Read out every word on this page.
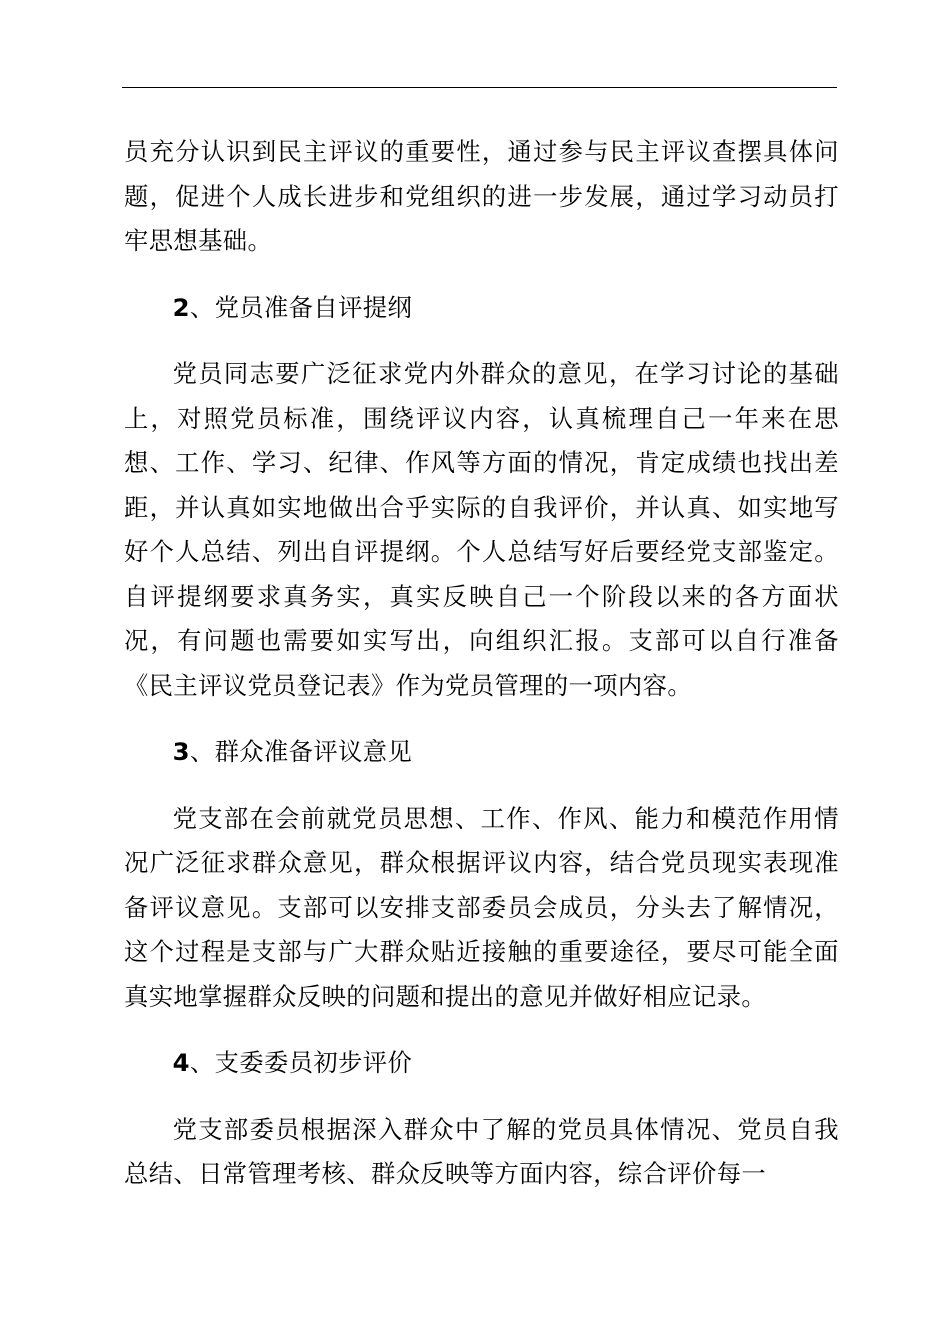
员充分认识到民主评议的重要性，通过参与民主评议查摆具体问题，促进个人成长进步和党组织的进一步发展，通过学习动员打牢思想基础。

2、党员准备自评提纲

党员同志要广泛征求党内外群众的意见，在学习讨论的基础上，对照党员标准，围绕评议内容，认真梳理自己一年来在思想、工作、学习、纪律、作风等方面的情况，肯定成绩也找出差距，并认真如实地做出合乎实际的自我评价，并认真、如实地写好个人总结、列出自评提纲。个人总结写好后要经党支部鉴定。自评提纲要求真务实，真实反映自己一个阶段以来的各方面状况，有问题也需要如实写出，向组织汇报。支部可以自行准备《民主评议党员登记表》作为党员管理的一项内容。

3、群众准备评议意见

党支部在会前就党员思想、工作、作风、能力和模范作用情况广泛征求群众意见，群众根据评议内容，结合党员现实表现准备评议意见。支部可以安排支部委员会成员，分头去了解情况，这个过程是支部与广大群众贴近接触的重要途径，要尽可能全面真实地掌握群众反映的问题和提出的意见并做好相应记录。

4、支委委员初步评价

党支部委员根据深入群众中了解的党员具体情况、党员自我总结、日常管理考核、群众反映等方面内容，综合评价每一
